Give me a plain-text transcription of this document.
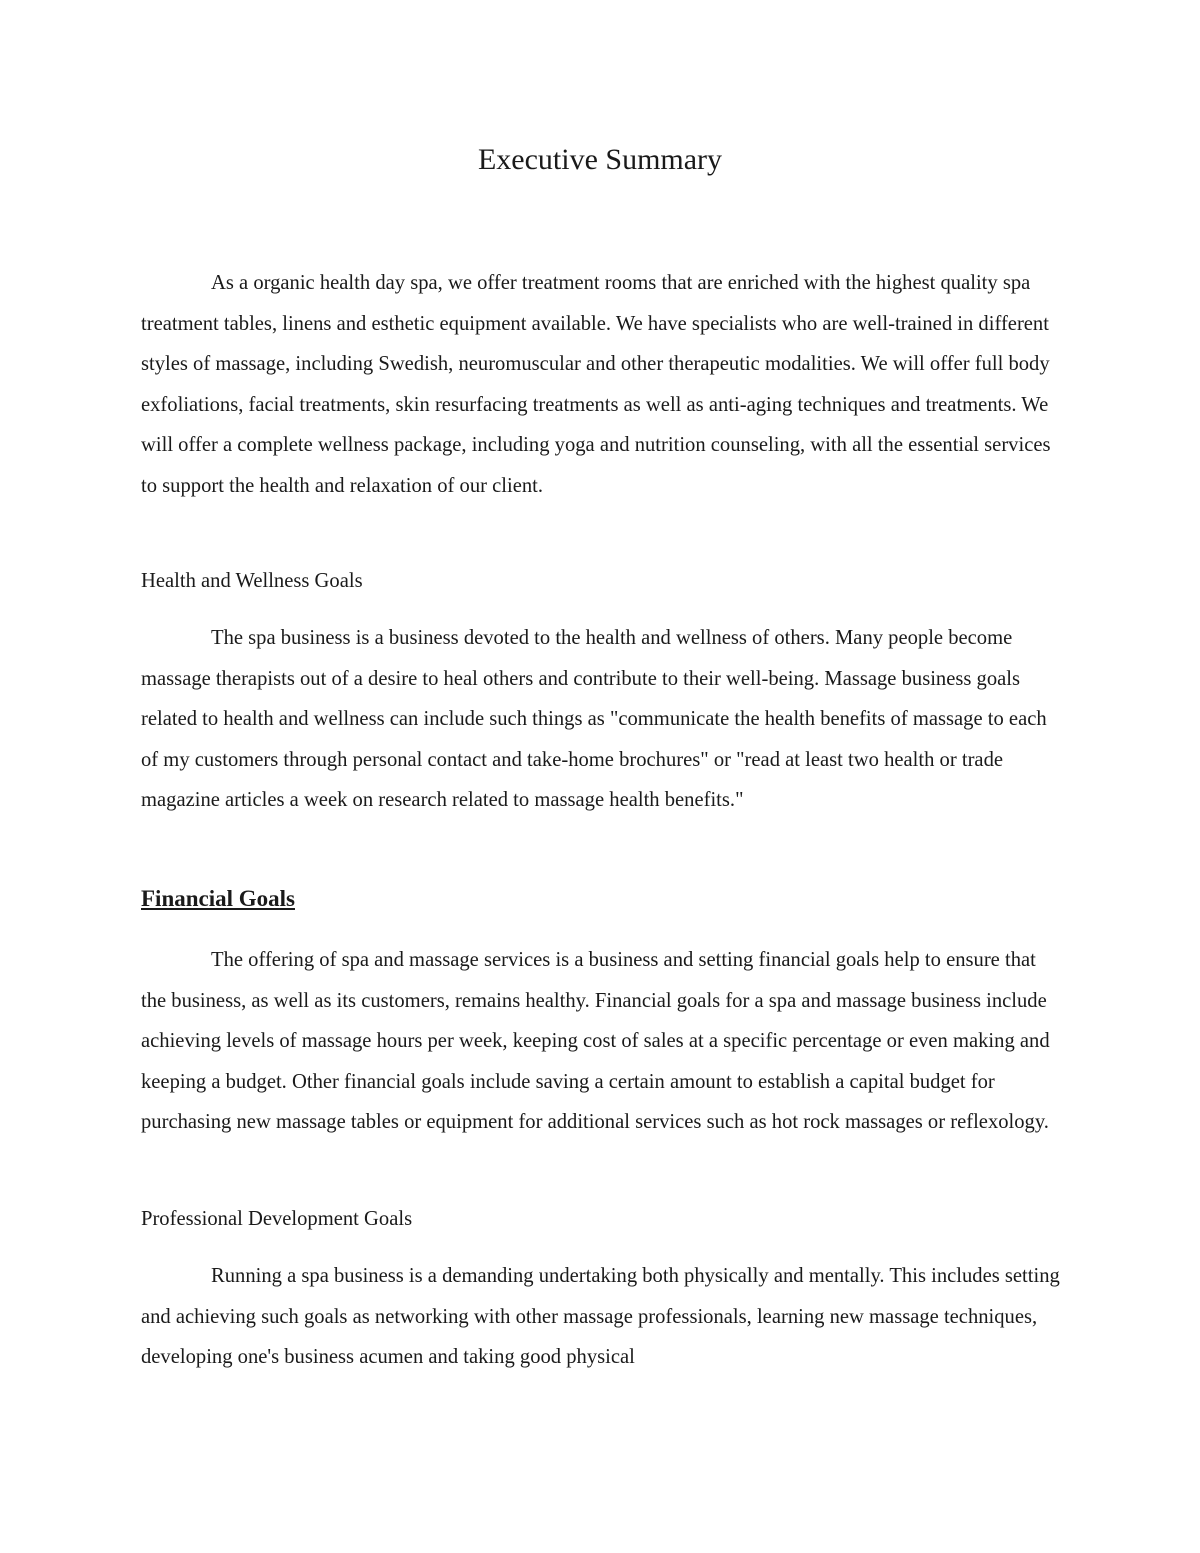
Executive Summary

As a organic health day spa, we offer treatment rooms that are enriched with the highest quality spa treatment tables, linens and esthetic equipment available. We have specialists who are well-trained in different styles of massage, including Swedish, neuromuscular and other therapeutic modalities. We will offer full body exfoliations, facial treatments, skin resurfacing treatments as well as anti-aging techniques and treatments. We will offer a complete wellness package, including yoga and nutrition counseling, with all the essential services to support the health and relaxation of our client.

Health and Wellness Goals

The spa business is a business devoted to the health and wellness of others. Many people become massage therapists out of a desire to heal others and contribute to their well-being. Massage business goals related to health and wellness can include such things as "communicate the health benefits of massage to each of my customers through personal contact and take-home brochures" or "read at least two health or trade magazine articles a week on research related to massage health benefits."

Financial Goals

The offering of spa and massage services is a business and setting financial goals help to ensure that the business, as well as its customers, remains healthy. Financial goals for a spa and massage business include achieving levels of massage hours per week, keeping cost of sales at a specific percentage or even making and keeping a budget. Other financial goals include saving a certain amount to establish a capital budget for purchasing new massage tables or equipment for additional services such as hot rock massages or reflexology.

Professional Development Goals

Running a spa business is a demanding undertaking both physically and mentally. This includes setting and achieving such goals as networking with other massage professionals, learning new massage techniques, developing one's business acumen and taking good physical
